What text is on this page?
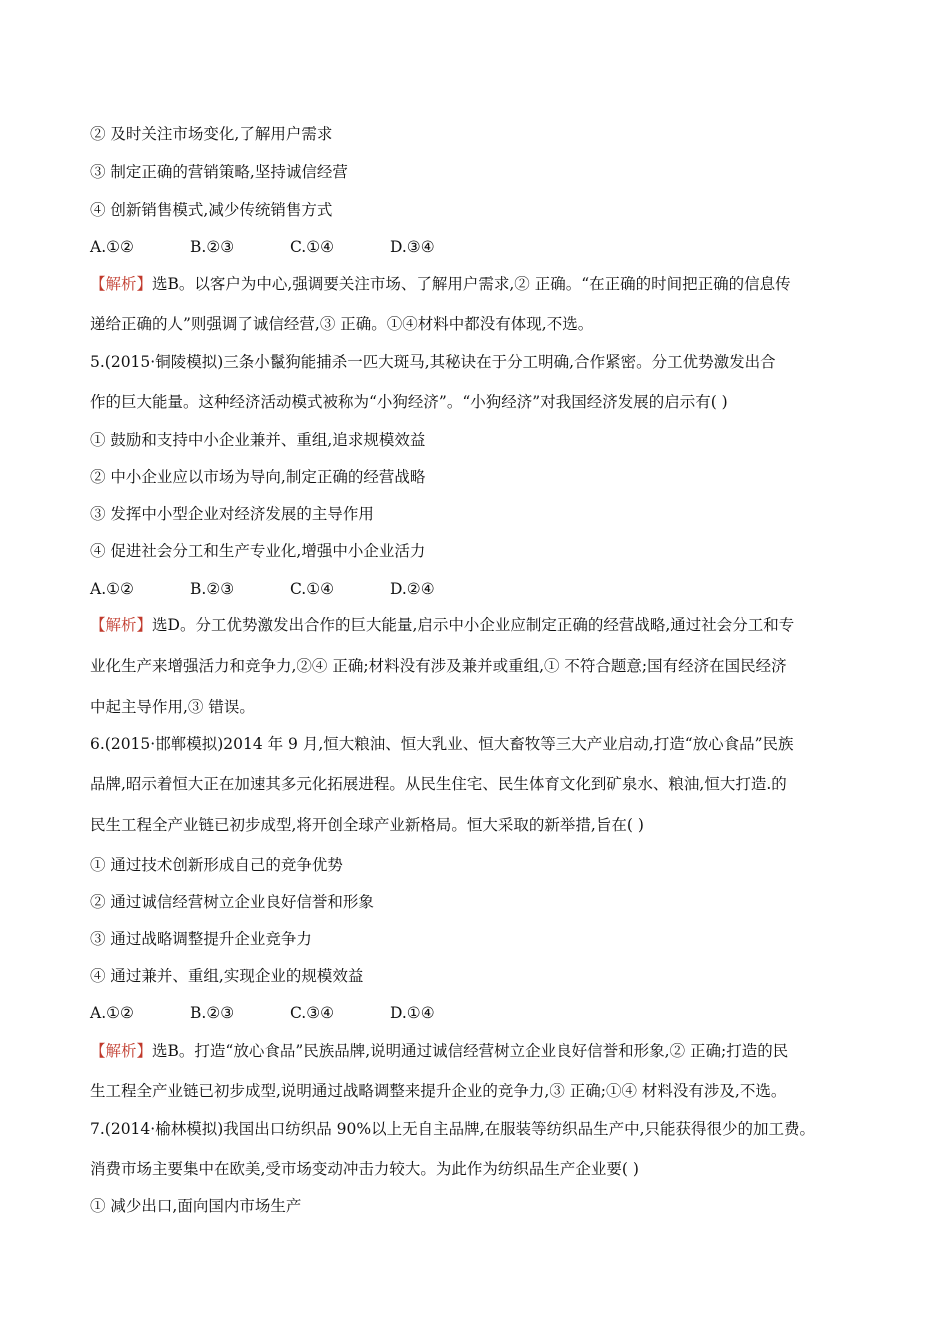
② 及时关注市场变化,了解用户需求
③ 制定正确的营销策略,坚持诚信经营
④ 创新销售模式,减少传统销售方式
A.①②	B.②③	C.①④	D.③④
【解析】选B。以客户为中心,强调要关注市场、了解用户需求,② 正确。“在正确的时间把正确的信息传
递给正确的人”则强调了诚信经营,③ 正确。①④材料中都没有体现,不选。
5.(2015·铜陵模拟)三条小鬣狗能捕杀一匹大斑马,其秘诀在于分工明确,合作紧密。分工优势激发出合
作的巨大能量。这种经济活动模式被称为“小狗经济”。“小狗经济”对我国经济发展的启示有( )
① 鼓励和支持中小企业兼并、重组,追求规模效益
② 中小企业应以市场为导向,制定正确的经营战略
③ 发挥中小型企业对经济发展的主导作用
④ 促进社会分工和生产专业化,增强中小企业活力
A.①②	B.②③	C.①④	D.②④
【解析】选D。分工优势激发出合作的巨大能量,启示中小企业应制定正确的经营战略,通过社会分工和专
业化生产来增强活力和竞争力,②④ 正确;材料没有涉及兼并或重组,① 不符合题意;国有经济在国民经济
中起主导作用,③ 错误。
6.(2015·邯郸模拟)2014 年 9 月,恒大粮油、恒大乳业、恒大畜牧等三大产业启动,打造“放心食品”民族
品牌,昭示着恒大正在加速其多元化拓展进程。从民生住宅、民生体育文化到矿泉水、粮油,恒大打造.的
民生工程全产业链已初步成型,将开创全球产业新格局。恒大采取的新举措,旨在( )
① 通过技术创新形成自己的竞争优势
② 通过诚信经营树立企业良好信誉和形象
③ 通过战略调整提升企业竞争力
④ 通过兼并、重组,实现企业的规模效益
A.①②	B.②③	C.③④	D.①④
【解析】选B。打造“放心食品”民族品牌,说明通过诚信经营树立企业良好信誉和形象,② 正确;打造的民
生工程全产业链已初步成型,说明通过战略调整来提升企业的竞争力,③ 正确;①④ 材料没有涉及,不选。
7.(2014·榆林模拟)我国出口纺织品 90%以上无自主品牌,在服装等纺织品生产中,只能获得很少的加工费。
消费市场主要集中在欧美,受市场变动冲击力较大。为此作为纺织品生产企业要( )
① 减少出口,面向国内市场生产
